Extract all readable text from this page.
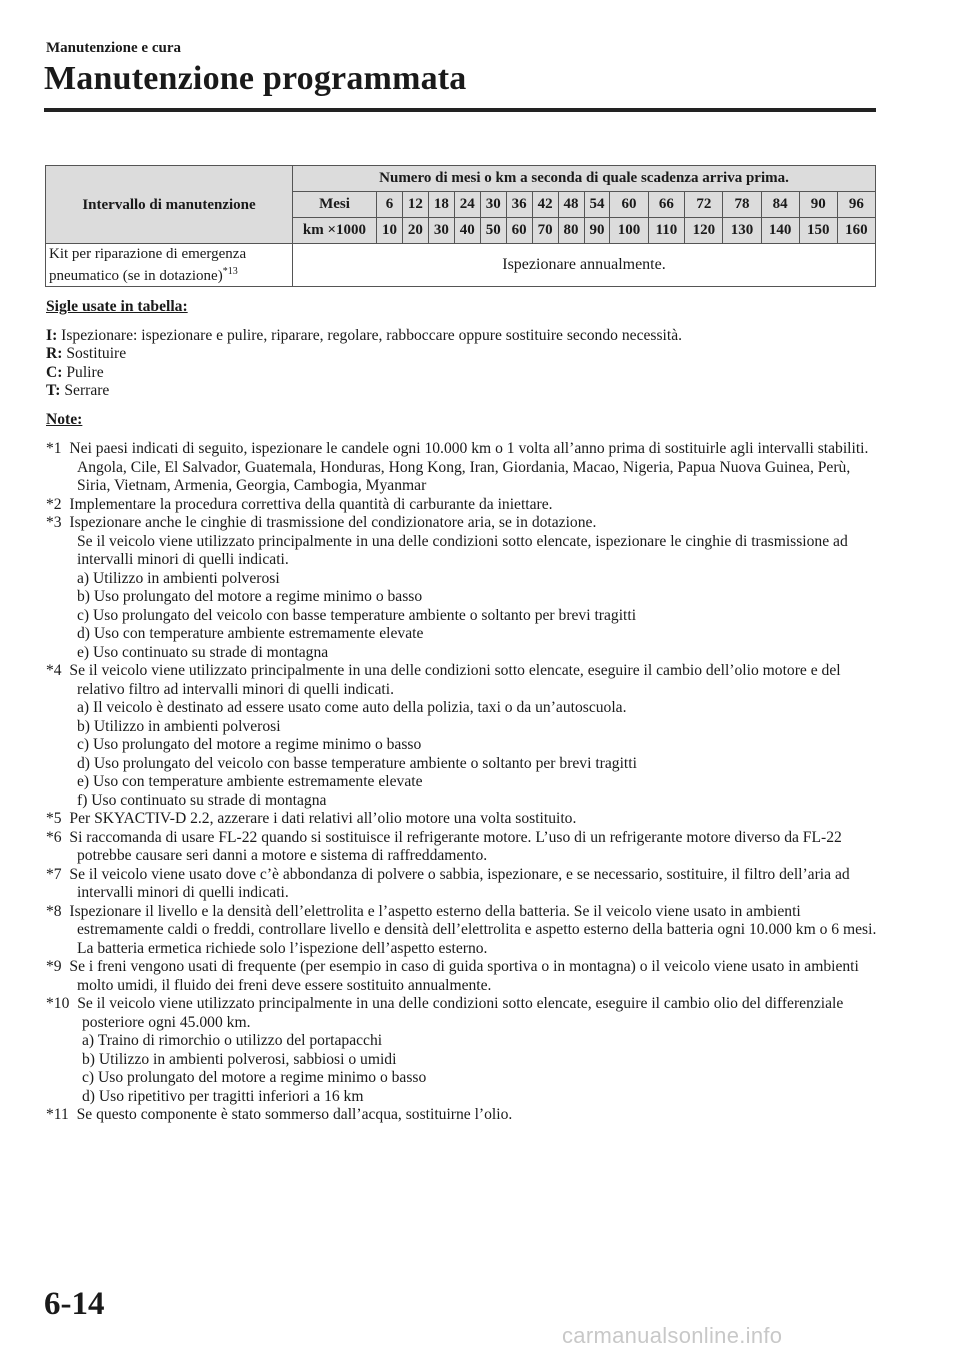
Manutenzione e cura
Manutenzione programmata
Intervallo di manutenzione	Numero di mesi o km a seconda di quale scadenza arriva prima.																
	Mesi	6	12	18	24	30	36	42	48	54	60	66	72	78	84	90	96
	km ×1000	10	20	30	40	50	60	70	80	90	100	110	120	130	140	150	160
Kit per riparazione di emergenza pneumatico (se in dotazione)$^{*13}$	Ispezionare annualmente.																
Sigle usate in tabella:

I: Ispezionare: ispezionare e pulire, riparare, regolare, rabboccare oppure sostituire secondo necessità.

R: Sostituire

C: Pulire

T: Serrare

Note:

*1 Nei paesi indicati di seguito, ispezionare le candele ogni 10.000 km o 1 volta all’anno prima di sostituirle agli intervalli stabiliti.

Angola, Cile, El Salvador, Guatemala, Honduras, Hong Kong, Iran, Giordania, Macao, Nigeria, Papua Nuova Guinea, Perù, Siria, Vietnam, Armenia, Georgia, Cambogia, Myanmar

*2 Implementare la procedura correttiva della quantità di carburante da iniettare.

*3 Ispezionare anche le cinghie di trasmissione del condizionatore aria, se in dotazione.

Se il veicolo viene utilizzato principalmente in una delle condizioni sotto elencate, ispezionare le cinghie di trasmissione ad intervalli minori di quelli indicati.

a) Utilizzo in ambienti polverosi

b) Uso prolungato del motore a regime minimo o basso

c) Uso prolungato del veicolo con basse temperature ambiente o soltanto per brevi tragitti

d) Uso con temperature ambiente estremamente elevate

e) Uso continuato su strade di montagna

*4 Se il veicolo viene utilizzato principalmente in una delle condizioni sotto elencate, eseguire il cambio dell’olio motore e del relativo filtro ad intervalli minori di quelli indicati.

a) Il veicolo è destinato ad essere usato come auto della polizia, taxi o da un’autoscuola.

b) Utilizzo in ambienti polverosi

c) Uso prolungato del motore a regime minimo o basso

d) Uso prolungato del veicolo con basse temperature ambiente o soltanto per brevi tragitti

e) Uso con temperature ambiente estremamente elevate

f) Uso continuato su strade di montagna

*5 Per SKYACTIV-D 2.2, azzerare i dati relativi all’olio motore una volta sostituito.

*6 Si raccomanda di usare FL-22 quando si sostituisce il refrigerante motore. L’uso di un refrigerante motore diverso da FL-22 potrebbe causare seri danni a motore e sistema di raffreddamento.

*7 Se il veicolo viene usato dove c’è abbondanza di polvere o sabbia, ispezionare, e se necessario, sostituire, il filtro dell’aria ad intervalli minori di quelli indicati.

*8 Ispezionare il livello e la densità dell’elettrolita e l’aspetto esterno della batteria. Se il veicolo viene usato in ambienti estremamente caldi o freddi, controllare livello e densità dell’elettrolita e aspetto esterno della batteria ogni 10.000 km o 6 mesi. La batteria ermetica richiede solo l’ispezione dell’aspetto esterno.

*9 Se i freni vengono usati di frequente (per esempio in caso di guida sportiva o in montagna) o il veicolo viene usato in ambienti molto umidi, il fluido dei freni deve essere sostituito annualmente.

*10 Se il veicolo viene utilizzato principalmente in una delle condizioni sotto elencate, eseguire il cambio olio del differenziale posteriore ogni 45.000 km.

a) Traino di rimorchio o utilizzo del portapacchi

b) Utilizzo in ambienti polverosi, sabbiosi o umidi

c) Uso prolungato del motore a regime minimo o basso

d) Uso ripetitivo per tragitti inferiori a 16 km

*11 Se questo componente è stato sommerso dall’acqua, sostituirne l’olio.

6-14
carmanualsonline.info
